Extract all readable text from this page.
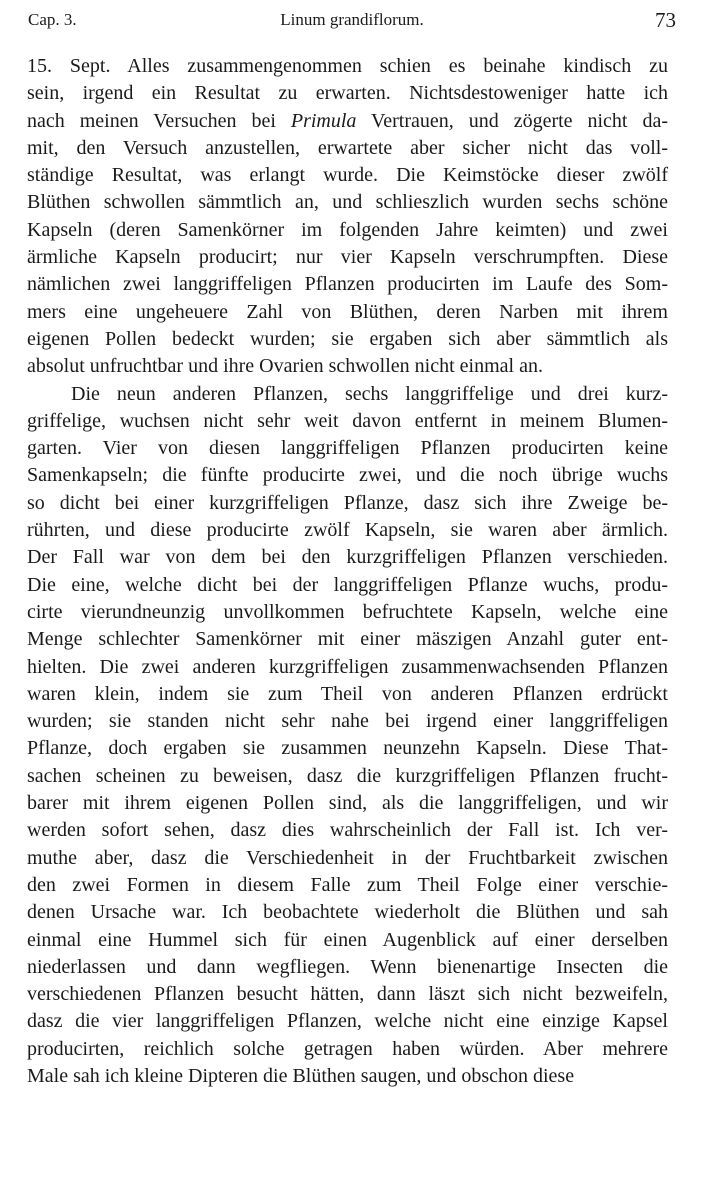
Cap. 3.	Linum grandiflorum.	73
15. Sept. Alles zusammengenommen schien es beinahe kindisch zu
sein, irgend ein Resultat zu erwarten. Nichtsdestoweniger hatte ich
nach meinen Versuchen bei Primula Vertrauen, und zögerte nicht da-
mit, den Versuch anzustellen, erwartete aber sicher nicht das voll-
ständige Resultat, was erlangt wurde. Die Keimstöcke dieser zwölf
Blüthen schwollen sämmtlich an, und schlieszlich wurden sechs schöne
Kapseln (deren Samenkörner im folgenden Jahre keimten) und zwei
ärmliche Kapseln producirt; nur vier Kapseln verschrumpften. Diese
nämlichen zwei langgriffeligen Pflanzen producirten im Laufe des Som-
mers eine ungeheuere Zahl von Blüthen, deren Narben mit ihrem
eigenen Pollen bedeckt wurden; sie ergaben sich aber sämmtlich als
absolut unfruchtbar und ihre Ovarien schwollen nicht einmal an.
Die neun anderen Pflanzen, sechs langgriffelige und drei kurz-
griffelige, wuchsen nicht sehr weit davon entfernt in meinem Blumen-
garten. Vier von diesen langgriffeligen Pflanzen producirten keine
Samenkapseln; die fünfte producirte zwei, und die noch übrige wuchs
so dicht bei einer kurzgriffeligen Pflanze, dasz sich ihre Zweige be-
rührten, und diese producirte zwölf Kapseln, sie waren aber ärmlich.
Der Fall war von dem bei den kurzgriffeligen Pflanzen verschieden.
Die eine, welche dicht bei der langgriffeligen Pflanze wuchs, produ-
cirte vierundneunzig unvollkommen befruchtete Kapseln, welche eine
Menge schlechter Samenkörner mit einer mäszigen Anzahl guter ent-
hielten. Die zwei anderen kurzgriffeligen zusammenwachsenden Pflanzen
waren klein, indem sie zum Theil von anderen Pflanzen erdrückt
wurden; sie standen nicht sehr nahe bei irgend einer langgriffeligen
Pflanze, doch ergaben sie zusammen neunzehn Kapseln. Diese That-
sachen scheinen zu beweisen, dasz die kurzgriffeligen Pflanzen frucht-
barer mit ihrem eigenen Pollen sind, als die langgriffeligen, und wir
werden sofort sehen, dasz dies wahrscheinlich der Fall ist. Ich ver-
muthe aber, dasz die Verschiedenheit in der Fruchtbarkeit zwischen
den zwei Formen in diesem Falle zum Theil Folge einer verschie-
denen Ursache war. Ich beobachtete wiederholt die Blüthen und sah
einmal eine Hummel sich für einen Augenblick auf einer derselben
niederlassen und dann wegfliegen. Wenn bienenartige Insecten die
verschiedenen Pflanzen besucht hätten, dann läszt sich nicht bezweifeln,
dasz die vier langgriffeligen Pflanzen, welche nicht eine einzige Kapsel
producirten, reichlich solche getragen haben würden. Aber mehrere
Male sah ich kleine Dipteren die Blüthen saugen, und obschon diese
